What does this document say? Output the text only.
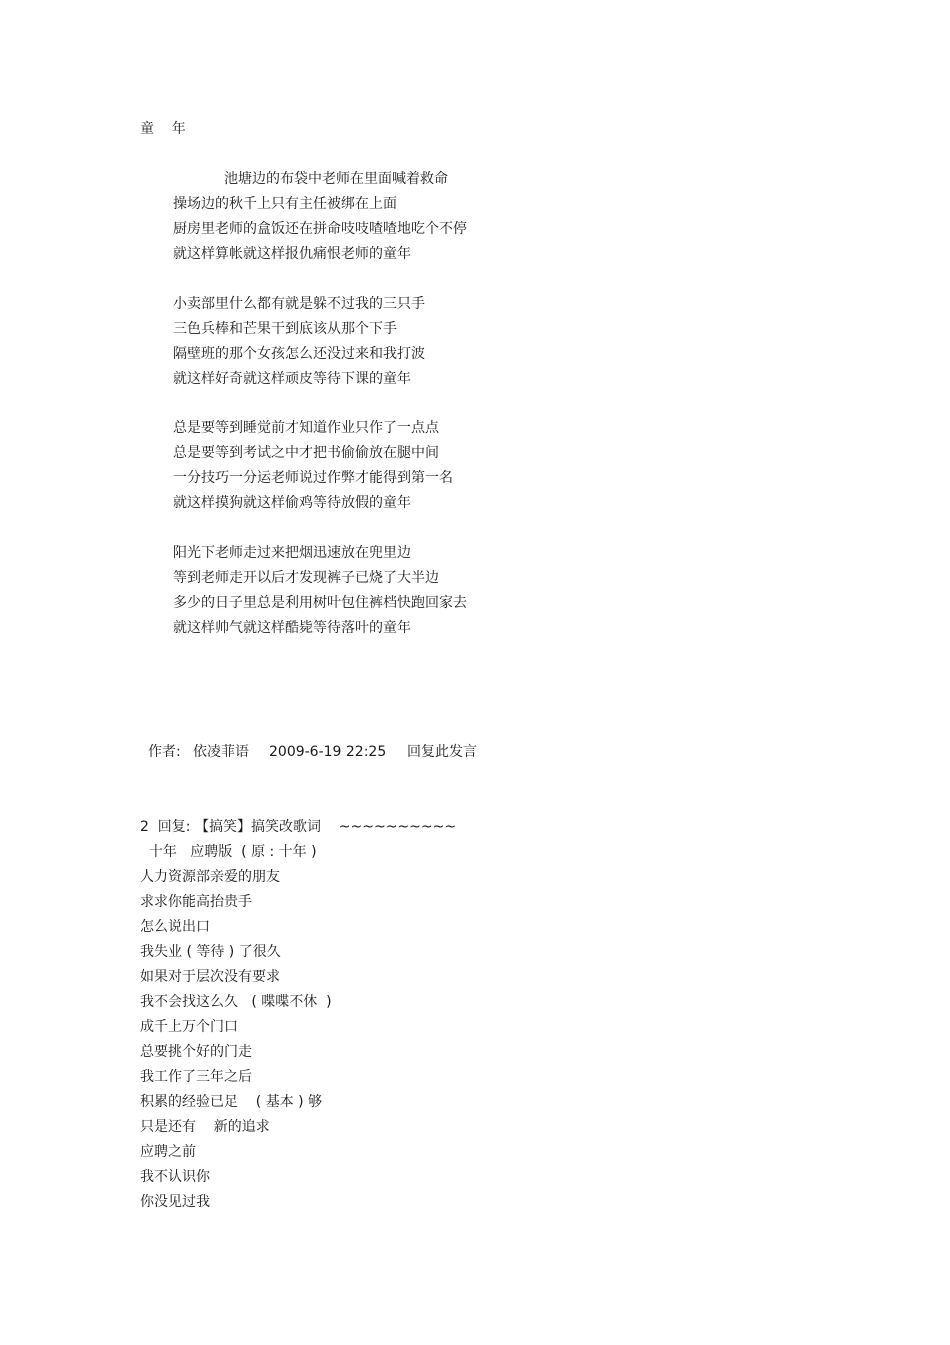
童    年
池塘边的布袋中老师在里面喊着救命
操场边的秋千上只有主任被绑在上面
厨房里老师的盒饭还在拼命吱吱喳喳地吃个不停
就这样算帐就这样报仇痛恨老师的童年
小卖部里什么都有就是躲不过我的三只手
三色兵棒和芒果干到底该从那个下手
隔壁班的那个女孩怎么还没过来和我打波
就这样好奇就这样顽皮等待下课的童年
总是要等到睡觉前才知道作业只作了一点点
总是要等到考试之中才把书偷偷放在腿中间
一分技巧一分运老师说过作弊才能得到第一名
就这样摸狗就这样偷鸡等待放假的童年
阳光下老师走过来把烟迅速放在兜里边
等到老师走开以后才发现裤子已烧了大半边
多少的日子里总是利用树叶包住裤档快跑回家去
就这样帅气就这样酷毙等待落叶的童年
作者: 依凌菲语 2009-6-19 22:25 回复此发言
2  回复: 【搞笑】搞笑改歌词    ~~~~~~~~~~
十年   应聘版  ( 原 : 十年 )
人力资源部亲爱的朋友
求求你能高抬贵手
怎么说出口
我失业 ( 等待 ) 了很久
如果对于层次没有要求
我不会找这么久   ( 喋喋不休  )
成千上万个门口
总要挑个好的门走
我工作了三年之后
积累的经验已足    ( 基本 ) 够
只是还有    新的追求
应聘之前
我不认识你
你没见过我
